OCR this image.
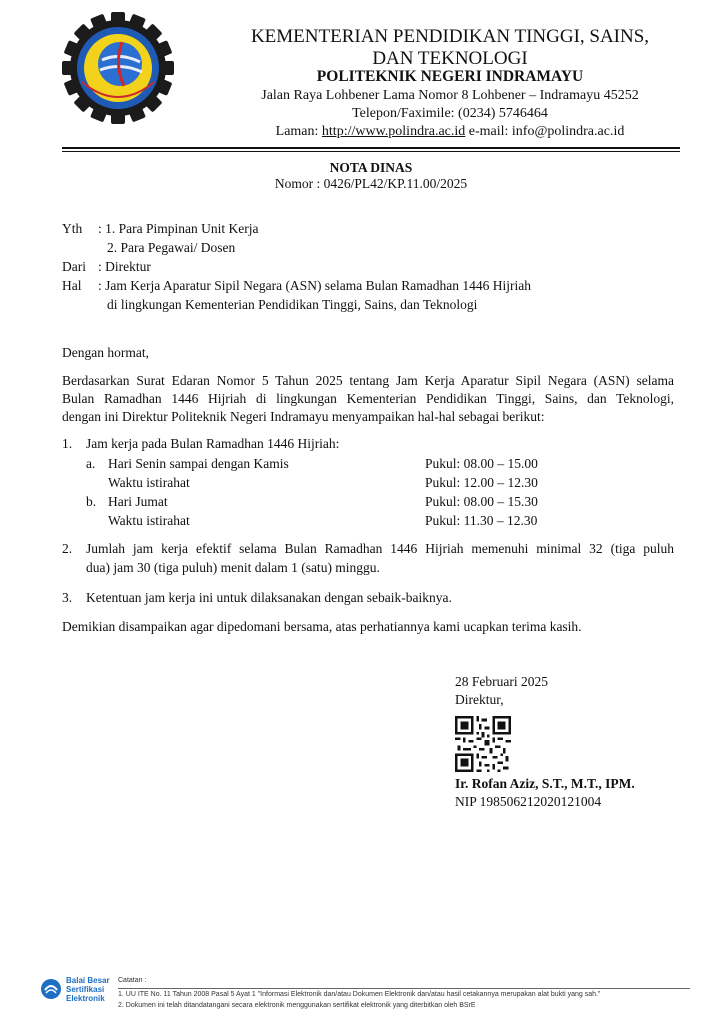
KEMENTERIAN PENDIDIKAN TINGGI, SAINS,
DAN TEKNOLOGI
POLITEKNIK NEGERI INDRAMAYU
Jalan Raya Lohbener Lama Nomor 8 Lohbener – Indramayu 45252
Telepon/Faximile: (0234) 5746464
Laman: http://www.polindra.ac.id e-mail: info@polindra.ac.id
NOTA DINAS
Nomor : 0426/PL42/KP.11.00/2025
Yth : 1. Para Pimpinan Unit Kerja
2. Para Pegawai/ Dosen
Dari : Direktur
Hal : Jam Kerja Aparatur Sipil Negara (ASN) selama Bulan Ramadhan 1446 Hijriah
di lingkungan Kementerian Pendidikan Tinggi, Sains, dan Teknologi
Dengan hormat,
Berdasarkan Surat Edaran Nomor 5 Tahun 2025 tentang Jam Kerja Aparatur Sipil Negara (ASN) selama
Bulan Ramadhan 1446 Hijriah di lingkungan Kementerian Pendidikan Tinggi, Sains, dan Teknologi,
dengan ini Direktur Politeknik Negeri Indramayu menyampaikan hal-hal sebagai berikut:
1. Jam kerja pada Bulan Ramadhan 1446 Hijriah:
a. Hari Senin sampai dengan Kamis	Pukul: 08.00 – 15.00
Waktu istirahat	Pukul: 12.00 – 12.30
b. Hari Jumat	Pukul: 08.00 – 15.30
Waktu istirahat	Pukul: 11.30 – 12.30
2. Jumlah jam kerja efektif selama Bulan Ramadhan 1446 Hijriah memenuhi minimal 32 (tiga puluh
dua) jam 30 (tiga puluh) menit dalam 1 (satu) minggu.
3. Ketentuan jam kerja ini untuk dilaksanakan dengan sebaik-baiknya.
Demikian disampaikan agar dipedomani bersama, atas perhatiannya kami ucapkan terima kasih.
28 Februari 2025
Direktur,
Ir. Rofan Aziz, S.T., M.T., IPM.
NIP 198506212020121004
Balai Besar
Sertifikasi
Elektronik
Catatan :
1. UU ITE No. 11 Tahun 2008 Pasal 5 Ayat 1 "Informasi Elektronik dan/atau Dokumen Elektronik dan/atau hasil cetakannya merupakan alat bukti yang sah."
2. Dokumen ini telah ditandatangani secara elektronik menggunakan sertifikat elektronik yang diterbitkan oleh BSrE
